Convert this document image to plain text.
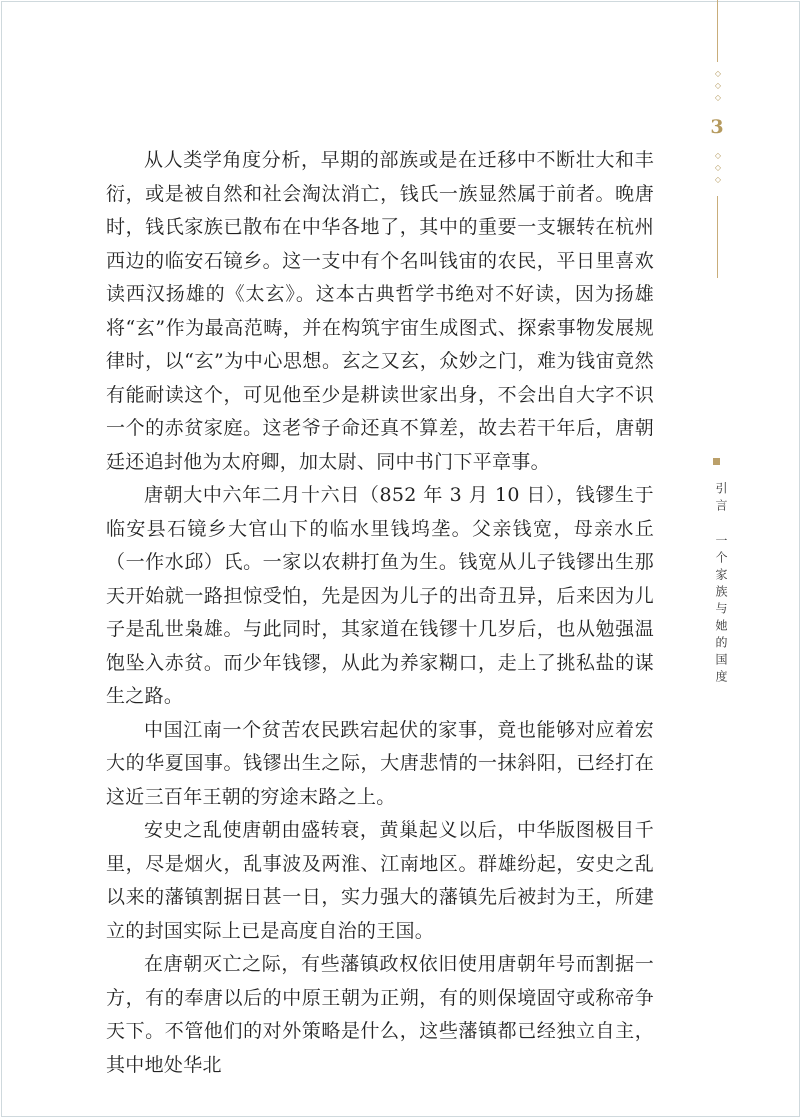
◇
◇
◇
3
◇
◇
◇
引言一个家族与她的国度

从人类学角度分析，早期的部族或是在迁移中不断壮大和丰衍，或是被自然和社会淘汰消亡，钱氏一族显然属于前者。晚唐时，钱氏家族已散布在中华各地了，其中的重要一支辗转在杭州西边的临安石镜乡。这一支中有个名叫钱宙的农民，平日里喜欢读西汉扬雄的《太玄》。这本古典哲学书绝对不好读，因为扬雄将“玄”作为最高范畴，并在构筑宇宙生成图式、探索事物发展规律时，以“玄”为中心思想。玄之又玄，众妙之门，难为钱宙竟然有能耐读这个，可见他至少是耕读世家出身，不会出自大字不识一个的赤贫家庭。这老爷子命还真不算差，故去若干年后，唐朝廷还追封他为太府卿，加太尉、同中书门下平章事。

唐朝大中六年二月十六日（852 年 3 月 10 日），钱镠生于临安县石镜乡大官山下的临水里钱坞垄。父亲钱宽，母亲水丘（一作水邱）氏。一家以农耕打鱼为生。钱宽从儿子钱镠出生那天开始就一路担惊受怕，先是因为儿子的出奇丑异，后来因为儿子是乱世枭雄。与此同时，其家道在钱镠十几岁后，也从勉强温饱坠入赤贫。而少年钱镠，从此为养家糊口，走上了挑私盐的谋生之路。

中国江南一个贫苦农民跌宕起伏的家事，竟也能够对应着宏大的华夏国事。钱镠出生之际，大唐悲情的一抹斜阳，已经打在这近三百年王朝的穷途末路之上。

安史之乱使唐朝由盛转衰，黄巢起义以后，中华版图极目千里，尽是烟火，乱事波及两淮、江南地区。群雄纷起，安史之乱以来的藩镇割据日甚一日，实力强大的藩镇先后被封为王，所建立的封国实际上已是高度自治的王国。

在唐朝灭亡之际，有些藩镇政权依旧使用唐朝年号而割据一方，有的奉唐以后的中原王朝为正朔，有的则保境固守或称帝争天下。不管他们的对外策略是什么，这些藩镇都已经独立自主，其中地处华北
